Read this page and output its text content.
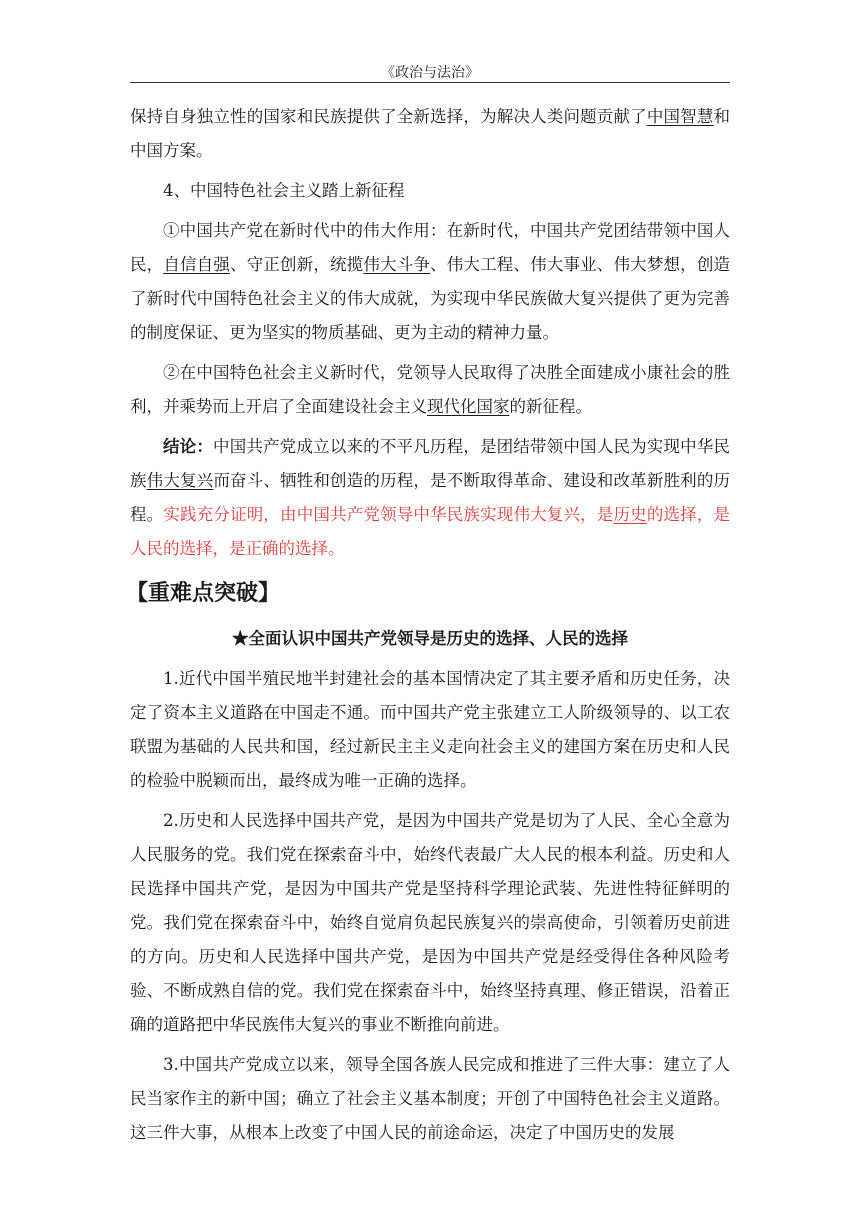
《政治与法治》

保持自身独立性的国家和民族提供了全新选择，为解决人类问题贡献了中国智慧和中国方案。

4、中国特色社会主义踏上新征程

①中国共产党在新时代中的伟大作用：在新时代，中国共产党团结带领中国人民，自信自强、守正创新，统揽伟大斗争、伟大工程、伟大事业、伟大梦想，创造了新时代中国特色社会主义的伟大成就，为实现中华民族做大复兴提供了更为完善的制度保证、更为坚实的物质基础、更为主动的精神力量。

②在中国特色社会主义新时代，党领导人民取得了决胜全面建成小康社会的胜利，并乘势而上开启了全面建设社会主义现代化国家的新征程。

结论：中国共产党成立以来的不平凡历程，是团结带领中国人民为实现中华民族伟大复兴而奋斗、牺牲和创造的历程，是不断取得革命、建设和改革新胜利的历程。实践充分证明，由中国共产党领导中华民族实现伟大复兴，是历史的选择，是人民的选择，是正确的选择。

【重难点突破】

★全面认识中国共产党领导是历史的选择、人民的选择

1.近代中国半殖民地半封建社会的基本国情决定了其主要矛盾和历史任务，决定了资本主义道路在中国走不通。而中国共产党主张建立工人阶级领导的、以工农联盟为基础的人民共和国，经过新民主主义走向社会主义的建国方案在历史和人民的检验中脱颖而出，最终成为唯一正确的选择。

2.历史和人民选择中国共产党，是因为中国共产党是切为了人民、全心全意为人民服务的党。我们党在探索奋斗中，始终代表最广大人民的根本利益。历史和人民选择中国共产党，是因为中国共产党是坚持科学理论武装、先进性特征鲜明的党。我们党在探索奋斗中，始终自觉肩负起民族复兴的崇高使命，引领着历史前进的方向。历史和人民选择中国共产党，是因为中国共产党是经受得住各种风险考验、不断成熟自信的党。我们党在探索奋斗中，始终坚持真理、修正错误，沿着正确的道路把中华民族伟大复兴的事业不断推向前进。

3.中国共产党成立以来，领导全国各族人民完成和推进了三件大事：建立了人民当家作主的新中国；确立了社会主义基本制度；开创了中国特色社会主义道路。这三件大事，从根本上改变了中国人民的前途命运，决定了中国历史的发展
